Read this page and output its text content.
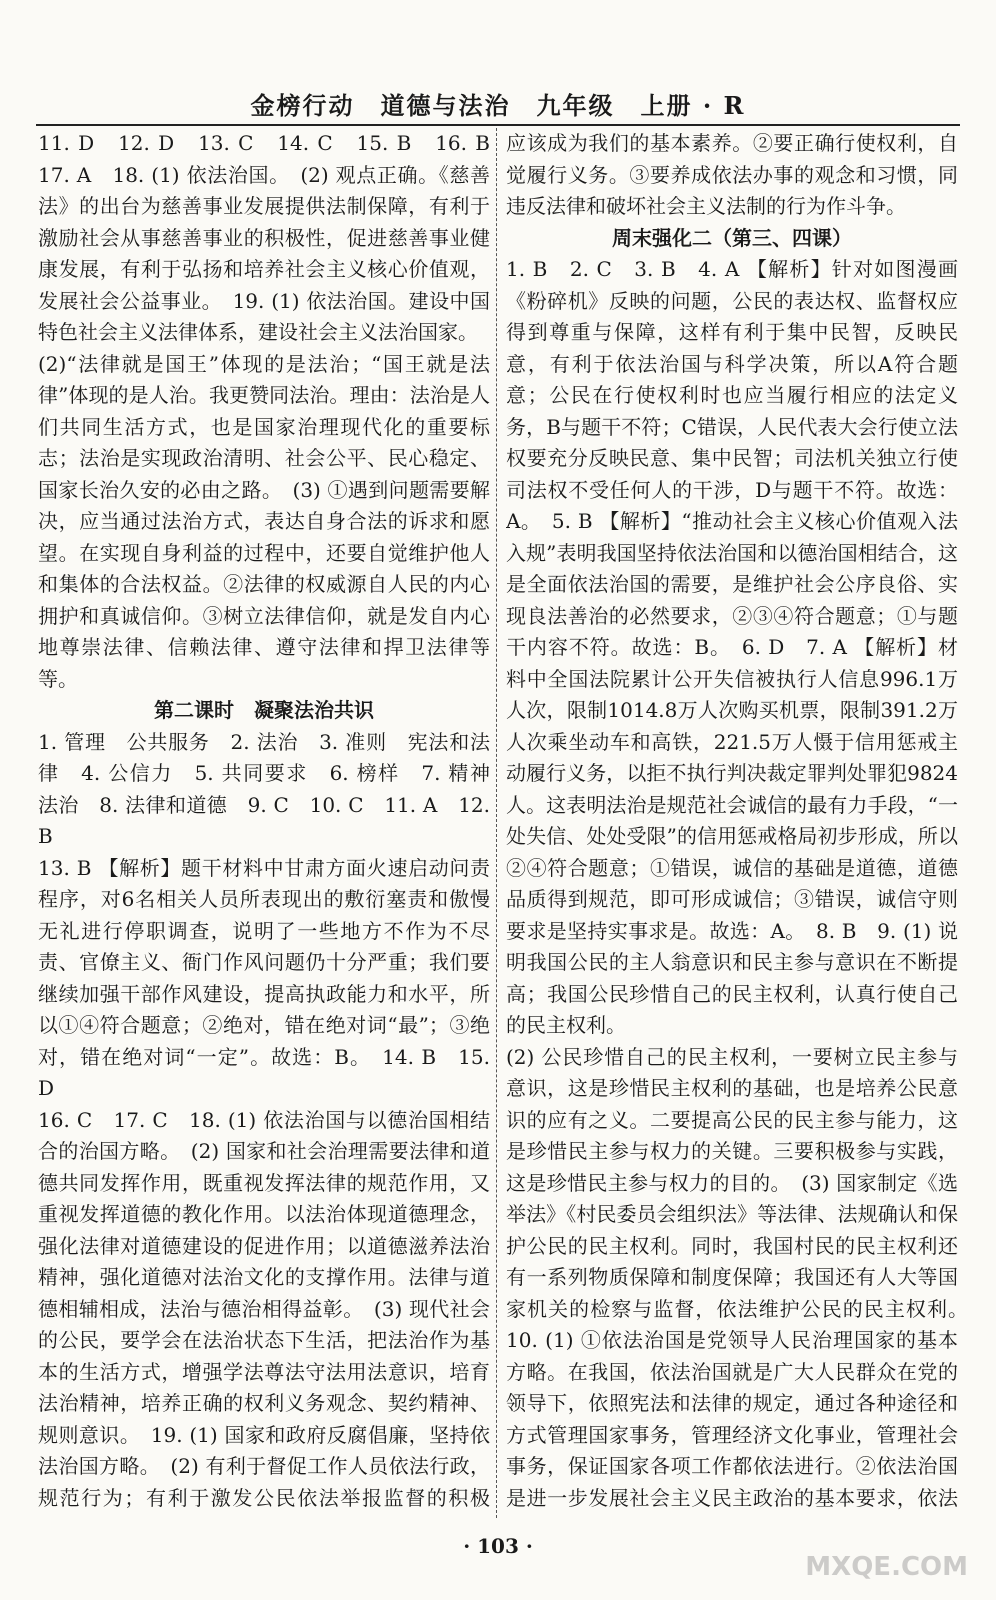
金榜行动　道德与法治　九年级　上册 · R

11. D　12. D　13. C　14. C　15. B　16. B　17. A　18. (1) 依法治国。　(2) 观点正确。《慈善法》的出台为慈善事业发展提供法制保障，有利于激励社会从事慈善事业的积极性，促进慈善事业健康发展，有利于弘扬和培养社会主义核心价值观，发展社会公益事业。　19. (1) 依法治国。建设中国特色社会主义法律体系，建设社会主义法治国家。

(2)“法律就是国王”体现的是法治；“国王就是法律”体现的是人治。我更赞同法治。理由：法治是人们共同生活方式，也是国家治理现代化的重要标志；法治是实现政治清明、社会公平、民心稳定、国家长治久安的必由之路。　(3) ①遇到问题需要解决，应当通过法治方式，表达自身合法的诉求和愿望。在实现自身利益的过程中，还要自觉维护他人和集体的合法权益。②法律的权威源自人民的内心拥护和真诚信仰。③树立法律信仰，就是发自内心地尊崇法律、信赖法律、遵守法律和捍卫法律等等。

第二课时　凝聚法治共识

1. 管理　公共服务　2. 法治　3. 准则　宪法和法律　4. 公信力　5. 共同要求　6. 榜样　7. 精神　法治　8. 法律和道德　9. C　10. C　11. A　12. B

13. B 【解析】题干材料中甘肃方面火速启动问责程序，对6名相关人员所表现出的敷衍塞责和傲慢无礼进行停职调查，说明了一些地方不作为不尽责、官僚主义、衙门作风问题仍十分严重；我们要继续加强干部作风建设，提高执政能力和水平，所以①④符合题意；②绝对，错在绝对词“最”；③绝对，错在绝对词“一定”。故选：B。　14. B　15. D

16. C　17. C　18. (1) 依法治国与以德治国相结合的治国方略。　(2) 国家和社会治理需要法律和道德共同发挥作用，既重视发挥法律的规范作用，又重视发挥道德的教化作用。以法治体现道德理念，强化法律对道德建设的促进作用；以道德滋养法治精神，强化道德对法治文化的支撑作用。法律与道德相辅相成，法治与德治相得益彰。　(3) 现代社会的公民，要学会在法治状态下生活，把法治作为基本的生活方式，增强学法尊法守法用法意识，培育法治精神，培养正确的权利义务观念、契约精神、规则意识。　19. (1) 国家和政府反腐倡廉，坚持依法治国方略。　(2) 有利于督促工作人员依法行政，规范行为；有利于激发公民依法举报监督的积极　

应该成为我们的基本素养。②要正确行使权利，自觉履行义务。③要养成依法办事的观念和习惯，同违反法律和破坏社会主义法制的行为作斗争。

周末强化二（第三、四课）

1. B　2. C　3. B　4. A 【解析】针对如图漫画《粉碎机》反映的问题，公民的表达权、监督权应得到尊重与保障，这样有利于集中民智，反映民意，有利于依法治国与科学决策，所以A符合题意；公民在行使权利时也应当履行相应的法定义务，B与题干不符；C错误，人民代表大会行使立法权要充分反映民意、集中民智；司法机关独立行使司法权不受任何人的干涉，D与题干不符。故选：A。　5. B 【解析】“推动社会主义核心价值观入法入规”表明我国坚持依法治国和以德治国相结合，这是全面依法治国的需要，是维护社会公序良俗、实现良法善治的必然要求，②③④符合题意；①与题干内容不符。故选：B。　6. D　7. A 【解析】材料中全国法院累计公开失信被执行人信息996.1万人次，限制1014.8万人次购买机票，限制391.2万人次乘坐动车和高铁，221.5万人慑于信用惩戒主动履行义务，以拒不执行判决裁定罪判处罪犯9824人。这表明法治是规范社会诚信的最有力手段，“一处失信、处处受限”的信用惩戒格局初步形成，所以②④符合题意；①错误，诚信的基础是道德，道德品质得到规范，即可形成诚信；③错误，诚信守则要求是坚持实事求是。故选：A。　8. B　9. (1) 说明我国公民的主人翁意识和民主参与意识在不断提高；我国公民珍惜自己的民主权利，认真行使自己的民主权利。

(2) 公民珍惜自己的民主权利，一要树立民主参与意识，这是珍惜民主权利的基础，也是培养公民意识的应有之义。二要提高公民的民主参与能力，这是珍惜民主参与权力的关键。三要积极参与实践，这是珍惜民主参与权力的目的。　(3) 国家制定《选举法》《村民委员会组织法》等法律、法规确认和保护公民的民主权利。同时，我国村民的民主权利还有一系列物质保障和制度保障；我国还有人大等国家机关的检察与监督，依法维护公民的民主权利。　10. (1) ①依法治国是党领导人民治理国家的基本方略。在我国，依法治国就是广大人民群众在党的领导下，依照宪法和法律的规定，通过各种途径和方式管理国家事务，管理经济文化事业，管理社会事务，保证国家各项工作都依法进行。②依法治国是进一步发展社会主义民主政治的基本要求，依法　

· 103 ·
MXQE.COM
